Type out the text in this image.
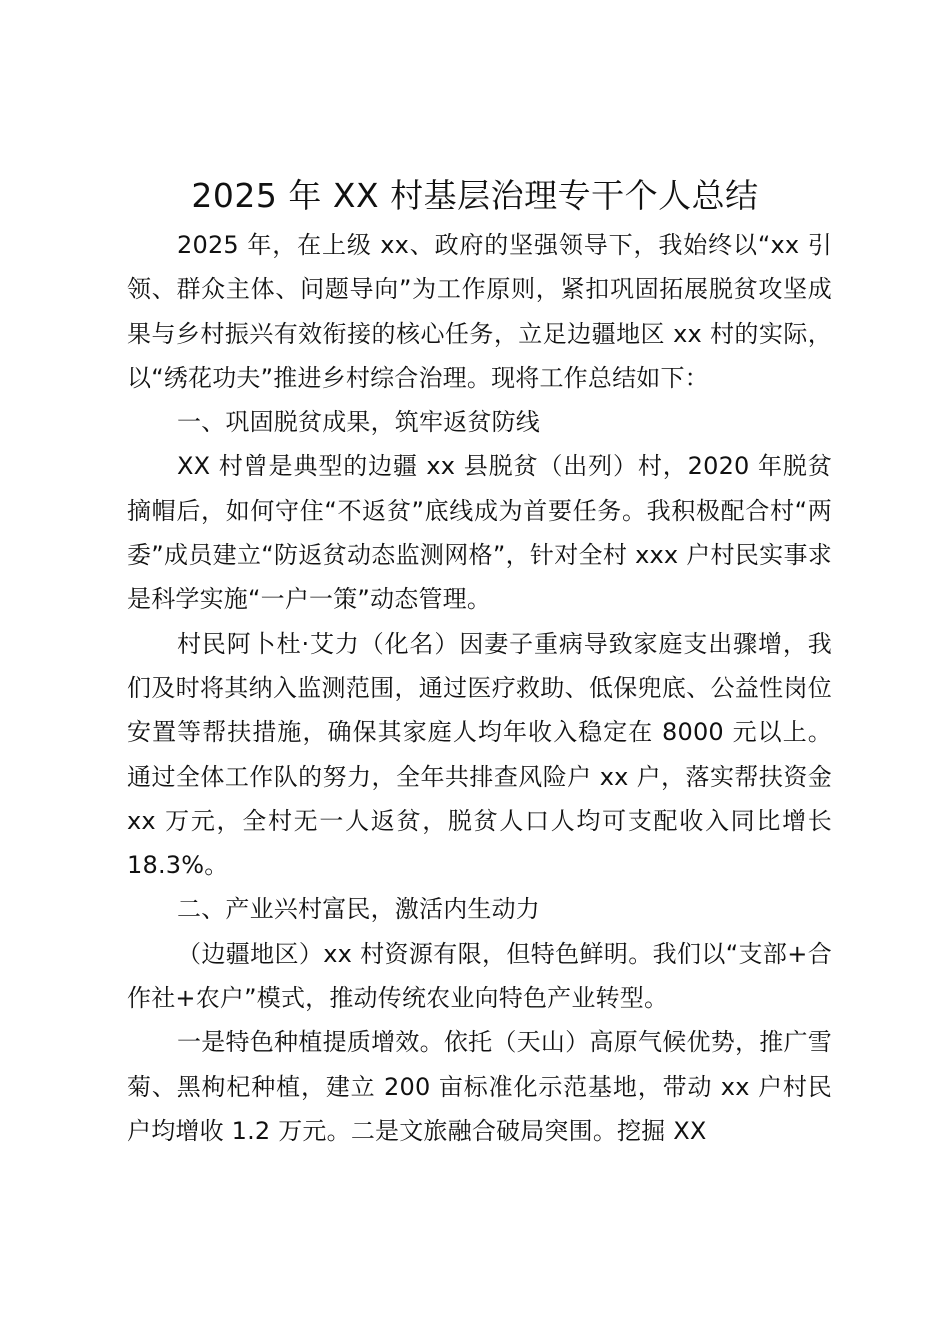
2025 年 XX 村基层治理专干个人总结

2025 年，在上级 xx、政府的坚强领导下，我始终以“xx 引领、群众主体、问题导向”为工作原则，紧扣巩固拓展脱贫攻坚成果与乡村振兴有效衔接的核心任务，立足边疆地区 xx 村的实际，以“绣花功夫”推进乡村综合治理。现将工作总结如下：

一、巩固脱贫成果，筑牢返贫防线

XX 村曾是典型的边疆 xx 县脱贫（出列）村，2020 年脱贫摘帽后，如何守住“不返贫”底线成为首要任务。我积极配合村“两委”成员建立“防返贫动态监测网格”，针对全村 xxx 户村民实事求是科学实施“一户一策”动态管理。

村民阿卜杜·艾力（化名）因妻子重病导致家庭支出骤增，我们及时将其纳入监测范围，通过医疗救助、低保兜底、公益性岗位安置等帮扶措施，确保其家庭人均年收入稳定在 8000 元以上。通过全体工作队的努力，全年共排查风险户 xx 户，落实帮扶资金 xx 万元，全村无一人返贫，脱贫人口人均可支配收入同比增长 18.3%。

二、产业兴村富民，激活内生动力

（边疆地区）xx 村资源有限，但特色鲜明。我们以“支部+合作社+农户”模式，推动传统农业向特色产业转型。

一是特色种植提质增效。依托（天山）高原气候优势，推广雪菊、黑枸杞种植，建立 200 亩标准化示范基地，带动 xx 户村民户均增收 1.2 万元。二是文旅融合破局突围。挖掘 XX
